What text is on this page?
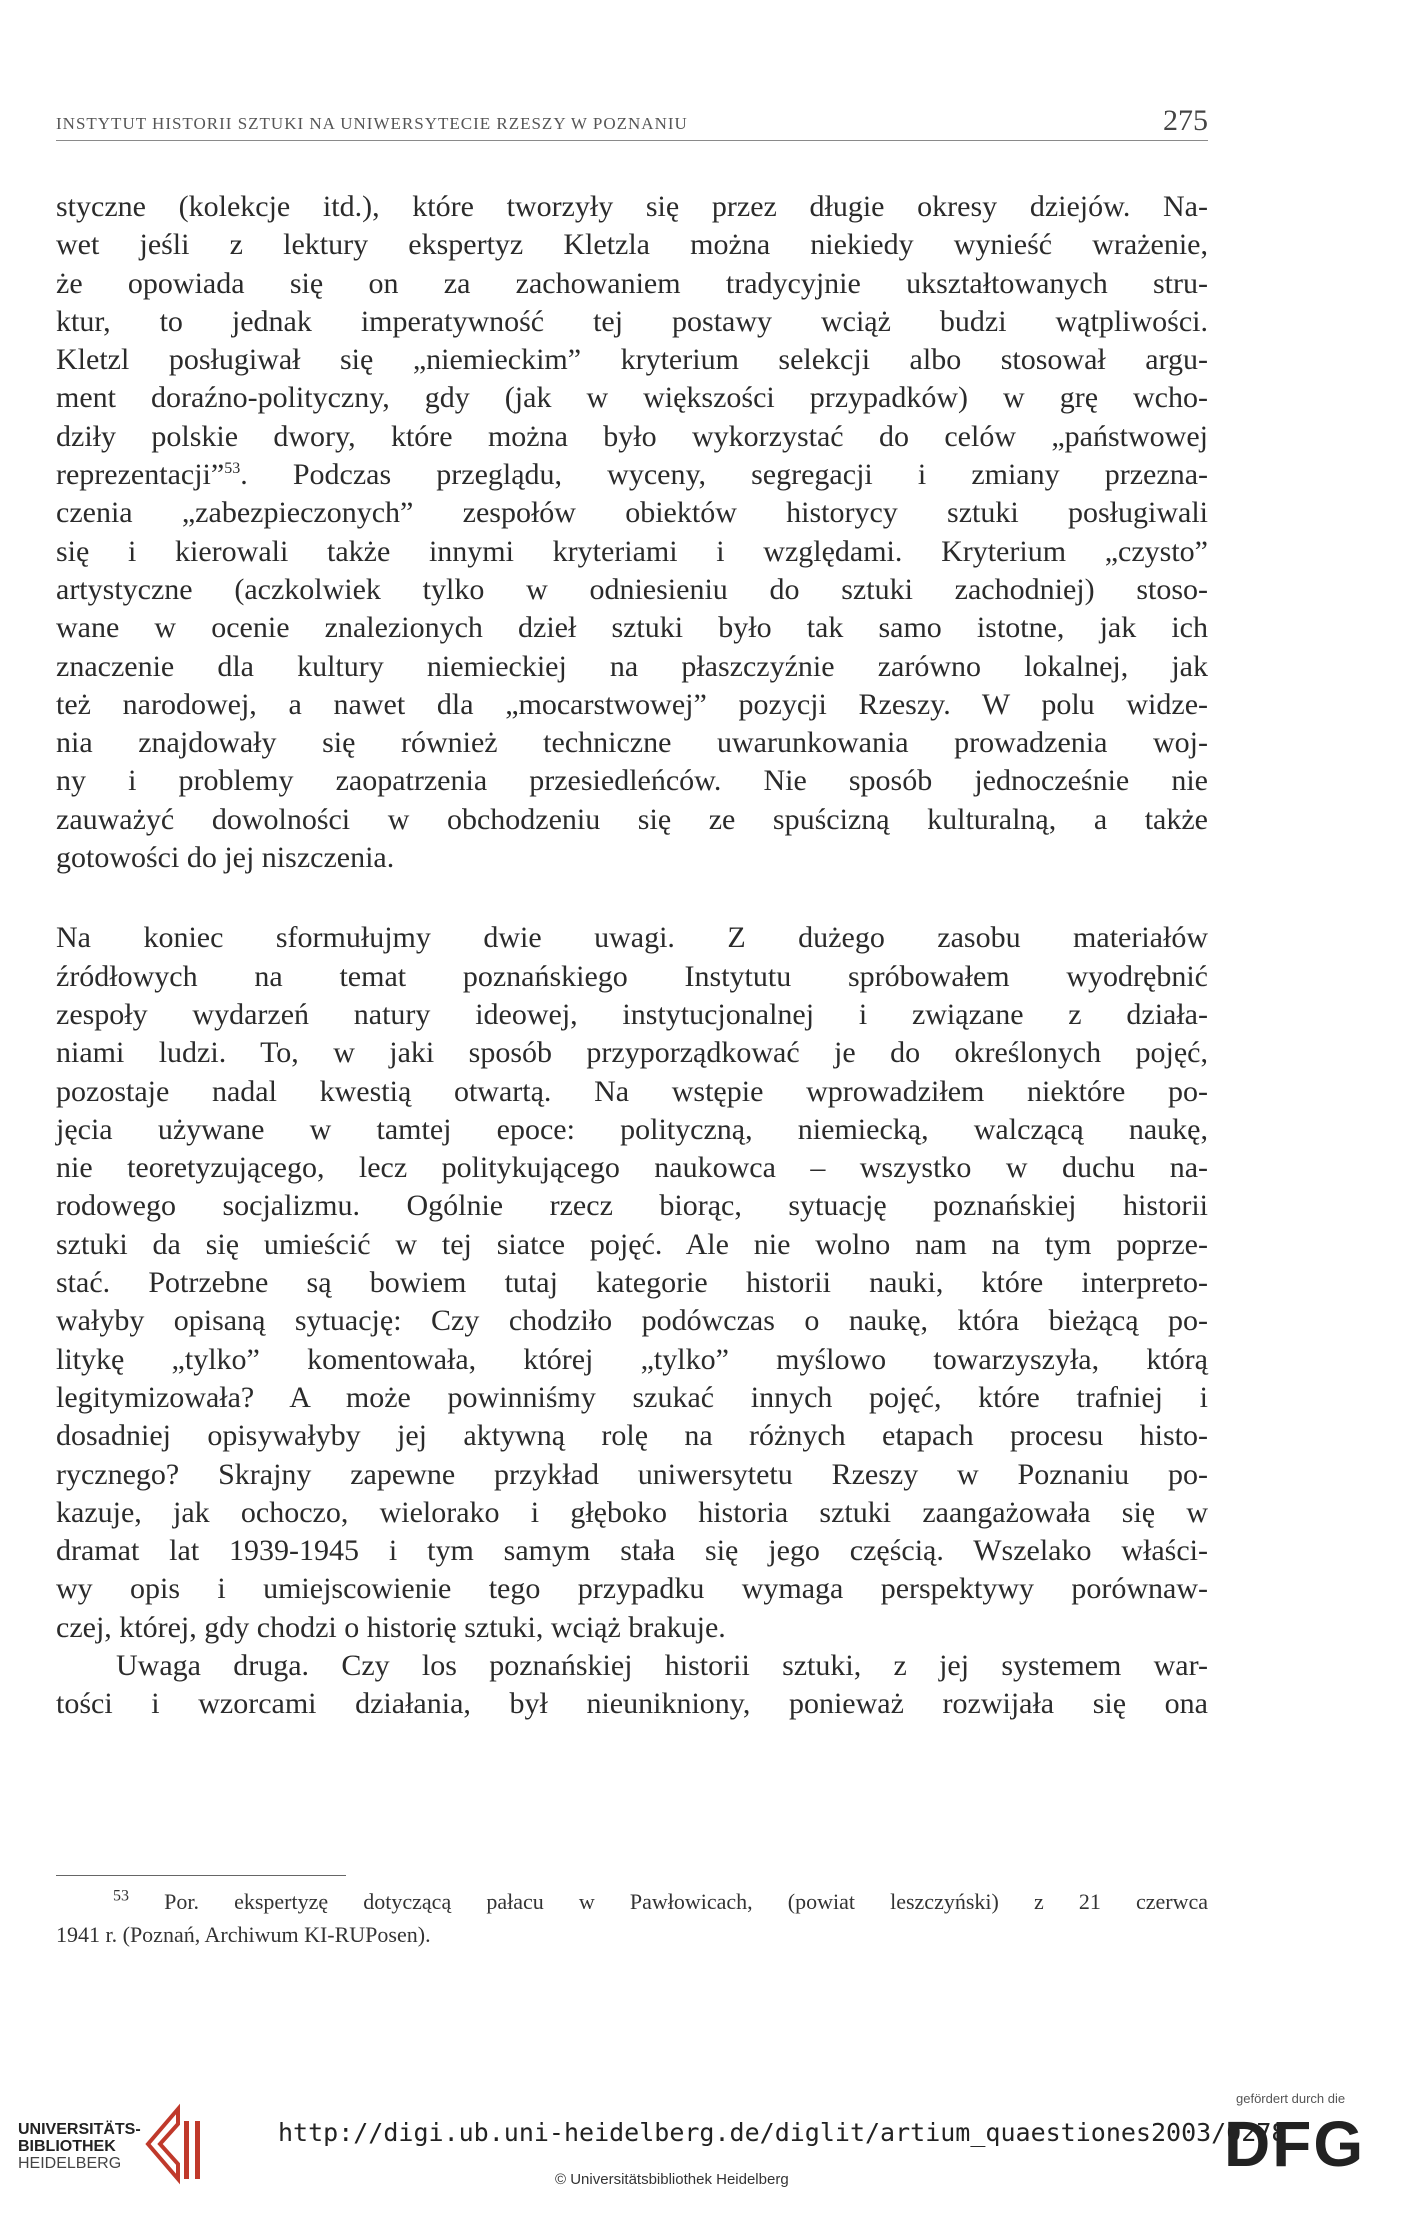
INSTYTUT HISTORII SZTUKI NA UNIWERSYTECIE RZESZY W POZNANIU	275

styczne (kolekcje itd.), które tworzyły się przez długie okresy dziejów. Na-
wet jeśli z lektury ekspertyz Kletzla można niekiedy wynieść wrażenie,
że opowiada się on za zachowaniem tradycyjnie ukształtowanych stru-
ktur, to jednak imperatywność tej postawy wciąż budzi wątpliwości.
Kletzl posługiwał się „niemieckim” kryterium selekcji albo stosował argu-
ment doraźno-polityczny, gdy (jak w większości przypadków) w grę wcho-
dziły polskie dwory, które można było wykorzystać do celów „państwowej
reprezentacji”$^{53}$. Podczas przeglądu, wyceny, segregacji i zmiany przezna-
czenia „zabezpieczonych” zespołów obiektów historycy sztuki posługiwali
się i kierowali także innymi kryteriami i względami. Kryterium „czysto”
artystyczne (aczkolwiek tylko w odniesieniu do sztuki zachodniej) stoso-
wane w ocenie znalezionych dzieł sztuki było tak samo istotne, jak ich
znaczenie dla kultury niemieckiej na płaszczyźnie zarówno lokalnej, jak
też narodowej, a nawet dla „mocarstwowej” pozycji Rzeszy. W polu widze-
nia znajdowały się również techniczne uwarunkowania prowadzenia woj-
ny i problemy zaopatrzenia przesiedleńców. Nie sposób jednocześnie nie
zauważyć dowolności w obchodzeniu się ze spuścizną kulturalną, a także
gotowości do jej niszczenia.

Na koniec sformułujmy dwie uwagi. Z dużego zasobu materiałów
źródłowych na temat poznańskiego Instytutu spróbowałem wyodrębnić
zespoły wydarzeń natury ideowej, instytucjonalnej i związane z działa-
niami ludzi. To, w jaki sposób przyporządkować je do określonych pojęć,
pozostaje nadal kwestią otwartą. Na wstępie wprowadziłem niektóre po-
jęcia używane w tamtej epoce: polityczną, niemiecką, walczącą naukę,
nie teoretyzującego, lecz politykującego naukowca – wszystko w duchu na-
rodowego socjalizmu. Ogólnie rzecz biorąc, sytuację poznańskiej historii
sztuki da się umieścić w tej siatce pojęć. Ale nie wolno nam na tym poprze-
stać. Potrzebne są bowiem tutaj kategorie historii nauki, które interpreto-
wałyby opisaną sytuację: Czy chodziło podówczas o naukę, która bieżącą po-
litykę „tylko” komentowała, której „tylko” myślowo towarzyszyła, którą
legitymizowała? A może powinniśmy szukać innych pojęć, które trafniej i
dosadniej opisywałyby jej aktywną rolę na różnych etapach procesu histo-
rycznego? Skrajny zapewne przykład uniwersytetu Rzeszy w Poznaniu po-
kazuje, jak ochoczo, wielorako i głęboko historia sztuki zaangażowała się w
dramat lat 1939-1945 i tym samym stała się jego częścią. Wszelako właści-
wy opis i umiejscowienie tego przypadku wymaga perspektywy porównaw-
czej, której, gdy chodzi o historię sztuki, wciąż brakuje.

Uwaga druga. Czy los poznańskiej historii sztuki, z jej systemem war-
tości i wzorcami działania, był nieunikniony, ponieważ rozwijała się ona

$^{53}$ Por. ekspertyzę dotyczącą pałacu w Pawłowicach, (powiat leszczyński) z 21 czerwca
1941 r. (Poznań, Archiwum KI-RUPosen).
UNIVERSITÄTS-
BIBLIOTHEK
HEIDELBERG
http://digi.ub.uni-heidelberg.de/diglit/artium_quaestiones2003/0278
© Universitätsbibliothek Heidelberg
gefördert durch die
DFG
